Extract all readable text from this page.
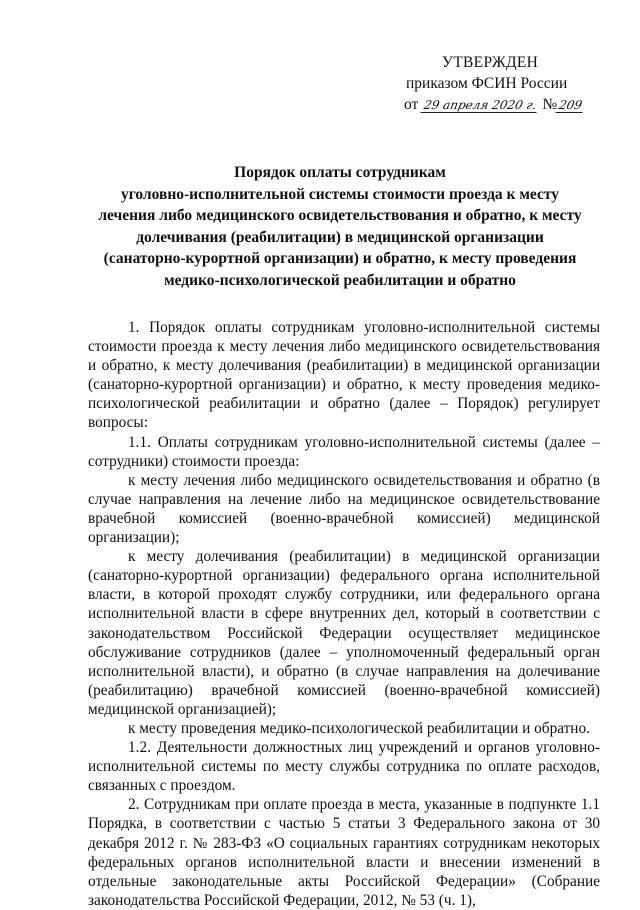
УТВЕРЖДЕН
приказом ФСИН России
от 29 апреля 2020 г. №209
Порядок оплаты сотрудникам
уголовно-исполнительной системы стоимости проезда к месту
лечения либо медицинского освидетельствования и обратно, к месту
долечивания (реабилитации) в медицинской организации
(санаторно-курортной организации) и обратно, к месту проведения
медико-психологической реабилитации и обратно

1. Порядок оплаты сотрудникам уголовно-исполнительной системы стоимости проезда к месту лечения либо медицинского освидетельствования и обратно, к месту долечивания (реабилитации) в медицинской организации (санаторно-курортной организации) и обратно, к месту проведения медико-психологической реабилитации и обратно (далее – Порядок) регулирует вопросы:

1.1. Оплаты сотрудникам уголовно-исполнительной системы (далее – сотрудники) стоимости проезда:

к месту лечения либо медицинского освидетельствования и обратно (в случае направления на лечение либо на медицинское освидетельствование врачебной комиссией (военно-врачебной комиссией) медицинской организации);

к месту долечивания (реабилитации) в медицинской организации (санаторно-курортной организации) федерального органа исполнительной власти, в которой проходят службу сотрудники, или федерального органа исполнительной власти в сфере внутренних дел, который в соответствии с законодательством Российской Федерации осуществляет медицинское обслуживание сотрудников (далее – уполномоченный федеральный орган исполнительной власти), и обратно (в случае направления на долечивание (реабилитацию) врачебной комиссией (военно-врачебной комиссией) медицинской организацией);

к месту проведения медико-психологической реабилитации и обратно.

1.2. Деятельности должностных лиц учреждений и органов уголовно-исполнительной системы по месту службы сотрудника по оплате расходов, связанных с проездом.

2. Сотрудникам при оплате проезда в места, указанные в подпункте 1.1 Порядка, в соответствии с частью 5 статьи 3 Федерального закона от 30 декабря 2012 г. № 283-ФЗ «О социальных гарантиях сотрудникам некоторых федеральных органов исполнительной власти и внесении изменений в отдельные законодательные акты Российской Федерации» (Собрание законодательства Российской Федерации, 2012, № 53 (ч. 1),
